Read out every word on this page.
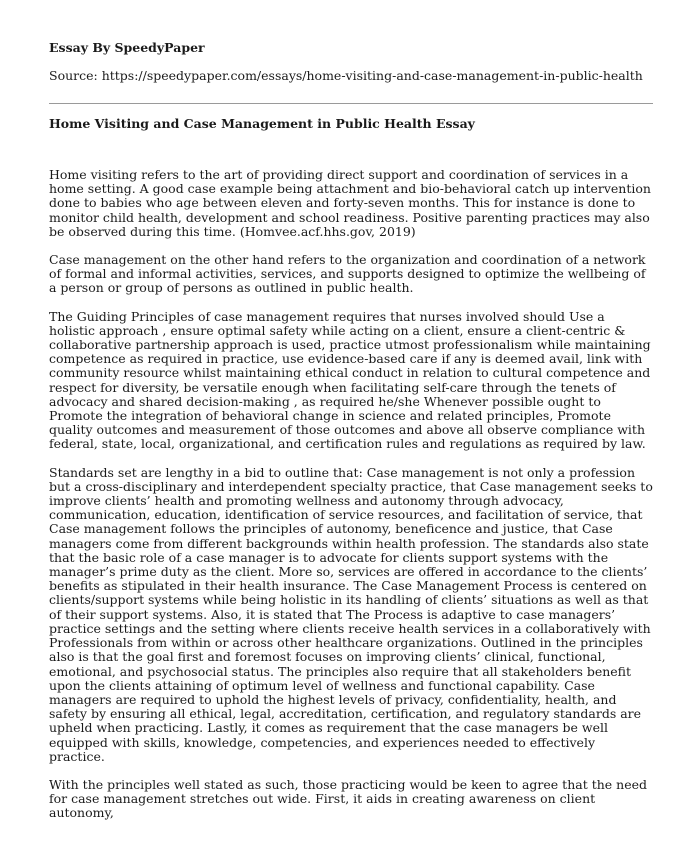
Essay By SpeedyPaper
Source: https://speedypaper.com/essays/home-visiting-and-case-management-in-public-health
Home Visiting and Case Management in Public Health Essay

Home visiting refers to the art of providing direct support and coordination of services in a home setting. A good case example being attachment and bio-behavioral catch up intervention done to babies who age between eleven and forty-seven months. This for instance is done to monitor child health, development and school readiness. Positive parenting practices may also be observed during this time. (Homvee.acf.hhs.gov, 2019)

Case management on the other hand refers to the organization and coordination of a network of formal and informal activities, services, and supports designed to optimize the wellbeing of a person or group of persons as outlined in public health.

The Guiding Principles of case management requires that nurses involved should Use a holistic approach , ensure optimal safety while acting on a client, ensure a client-centric & collaborative partnership approach is used, practice utmost professionalism while maintaining competence as required in practice, use evidence-based care if any is deemed avail, link with community resource whilst maintaining ethical conduct in relation to cultural competence and respect for diversity, be versatile enough when facilitating self-care through the tenets of advocacy and shared decision-making , as required he/she Whenever possible ought to Promote the integration of behavioral change in science and related principles, Promote quality outcomes and measurement of those outcomes and above all observe compliance with federal, state, local, organizational, and certification rules and regulations as required by law.

Standards set are lengthy in a bid to outline that: Case management is not only a profession but a cross-disciplinary and interdependent specialty practice, that Case management seeks to improve clients’ health and promoting wellness and autonomy through advocacy, communication, education, identification of service resources, and facilitation of service, that Case management follows the principles of autonomy, beneficence and justice, that Case managers come from different backgrounds within health profession. The standards also state that the basic role of a case manager is to advocate for clients support systems with the manager’s prime duty as the client. More so, services are offered in accordance to the clients’ benefits as stipulated in their health insurance. The Case Management Process is centered on clients/support systems while being holistic in its handling of clients’ situations as well as that of their support systems. Also, it is stated that The Process is adaptive to case managers’ practice settings and the setting where clients receive health services in a collaboratively with Professionals from within or across other healthcare organizations. Outlined in the principles also is that the goal first and foremost focuses on improving clients’ clinical, functional, emotional, and psychosocial status. The principles also require that all stakeholders benefit upon the clients attaining of optimum level of wellness and functional capability. Case managers are required to uphold the highest levels of privacy, confidentiality, health, and safety by ensuring all ethical, legal, accreditation, certification, and regulatory standards are upheld when practicing. Lastly, it comes as requirement that the case managers be well equipped with skills, knowledge, competencies, and experiences needed to effectively practice.

With the principles well stated as such, those practicing would be keen to agree that the need for case management stretches out wide. First, it aids in creating awareness on client autonomy,
